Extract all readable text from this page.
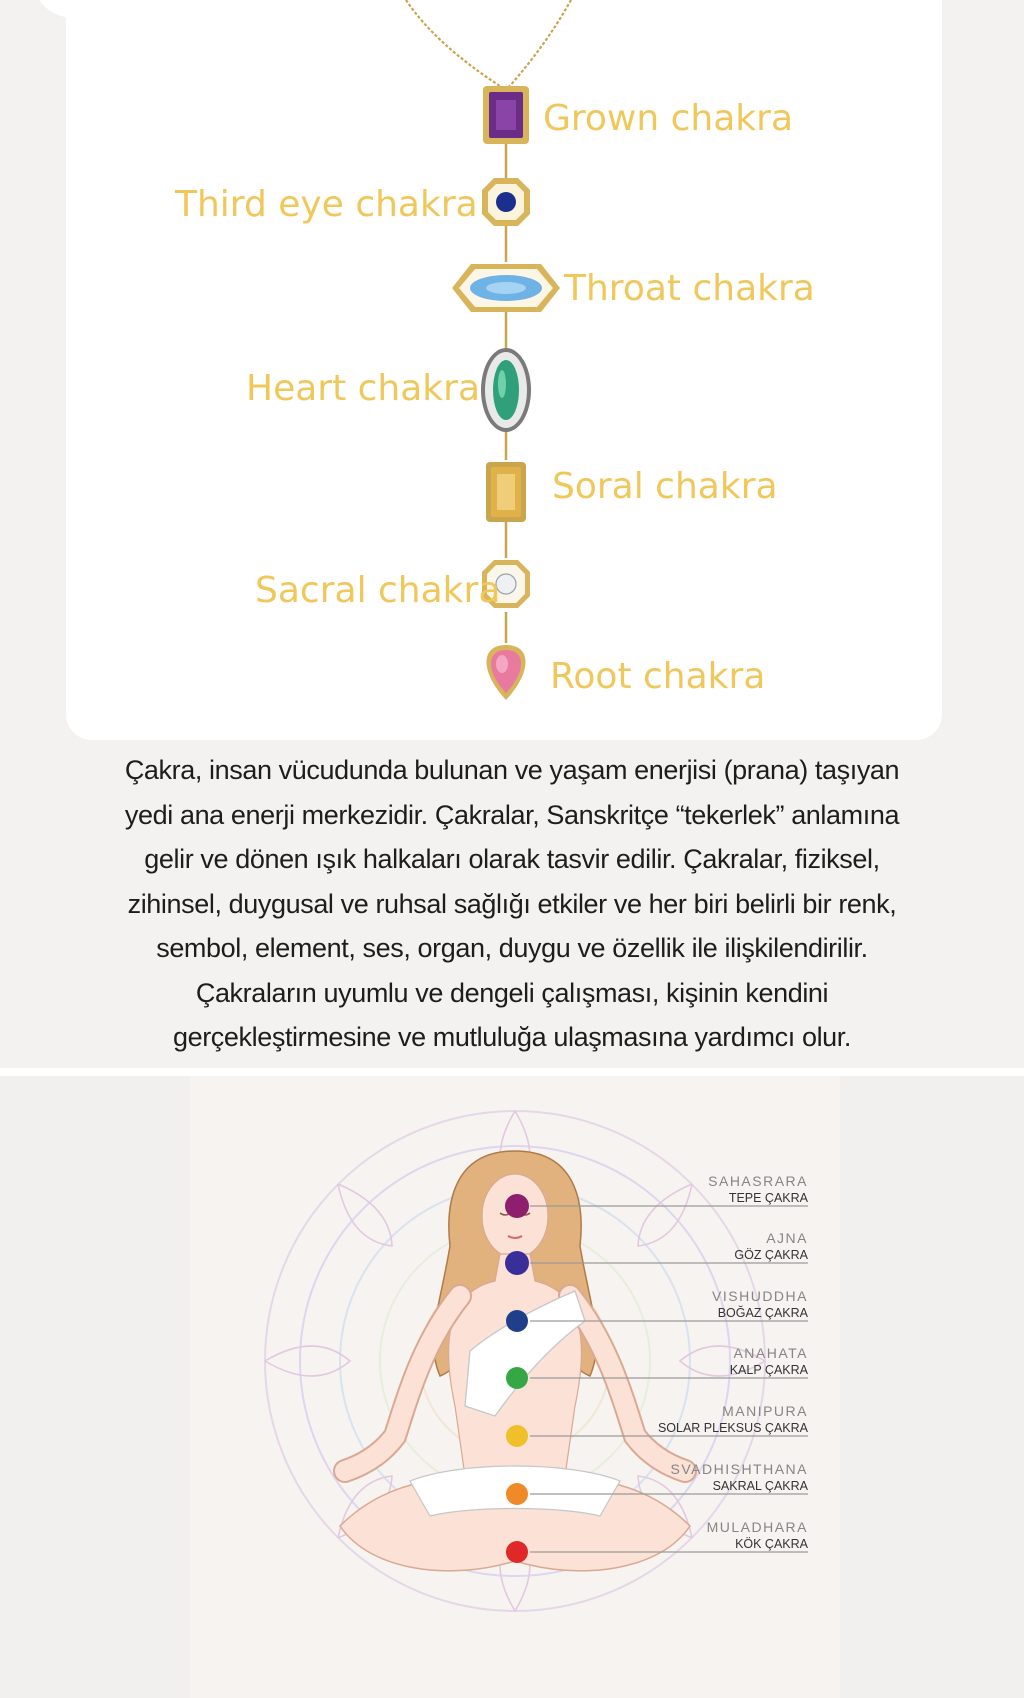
Grown chakra
Third eye chakra
Throat chakra
Heart chakra
Soral chakra
Sacral chakra
Root chakra
Çakra, insan vücudunda bulunan ve yaşam enerjisi (prana) taşıyan
yedi ana enerji merkezidir. Çakralar, Sanskritçe “tekerlek” anlamına
gelir ve dönen ışık halkaları olarak tasvir edilir. Çakralar, fiziksel,
zihinsel, duygusal ve ruhsal sağlığı etkiler ve her biri belirli bir renk,
sembol, element, ses, organ, duygu ve özellik ile ilişkilendirilir.
Çakraların uyumlu ve dengeli çalışması, kişinin kendini
gerçekleştirmesine ve mutluluğa ulaşmasına yardımcı olur.
SAHASRARA
TEPE ÇAKRA
AJNA
GÖZ ÇAKRA
VISHUDDHA
BOĞAZ ÇAKRA
ANAHATA
KALP ÇAKRA
MANIPURA
SOLAR PLEKSUS ÇAKRA
SVADHISHTHANA
SAKRAL ÇAKRA
MULADHARA
KÖK ÇAKRA
